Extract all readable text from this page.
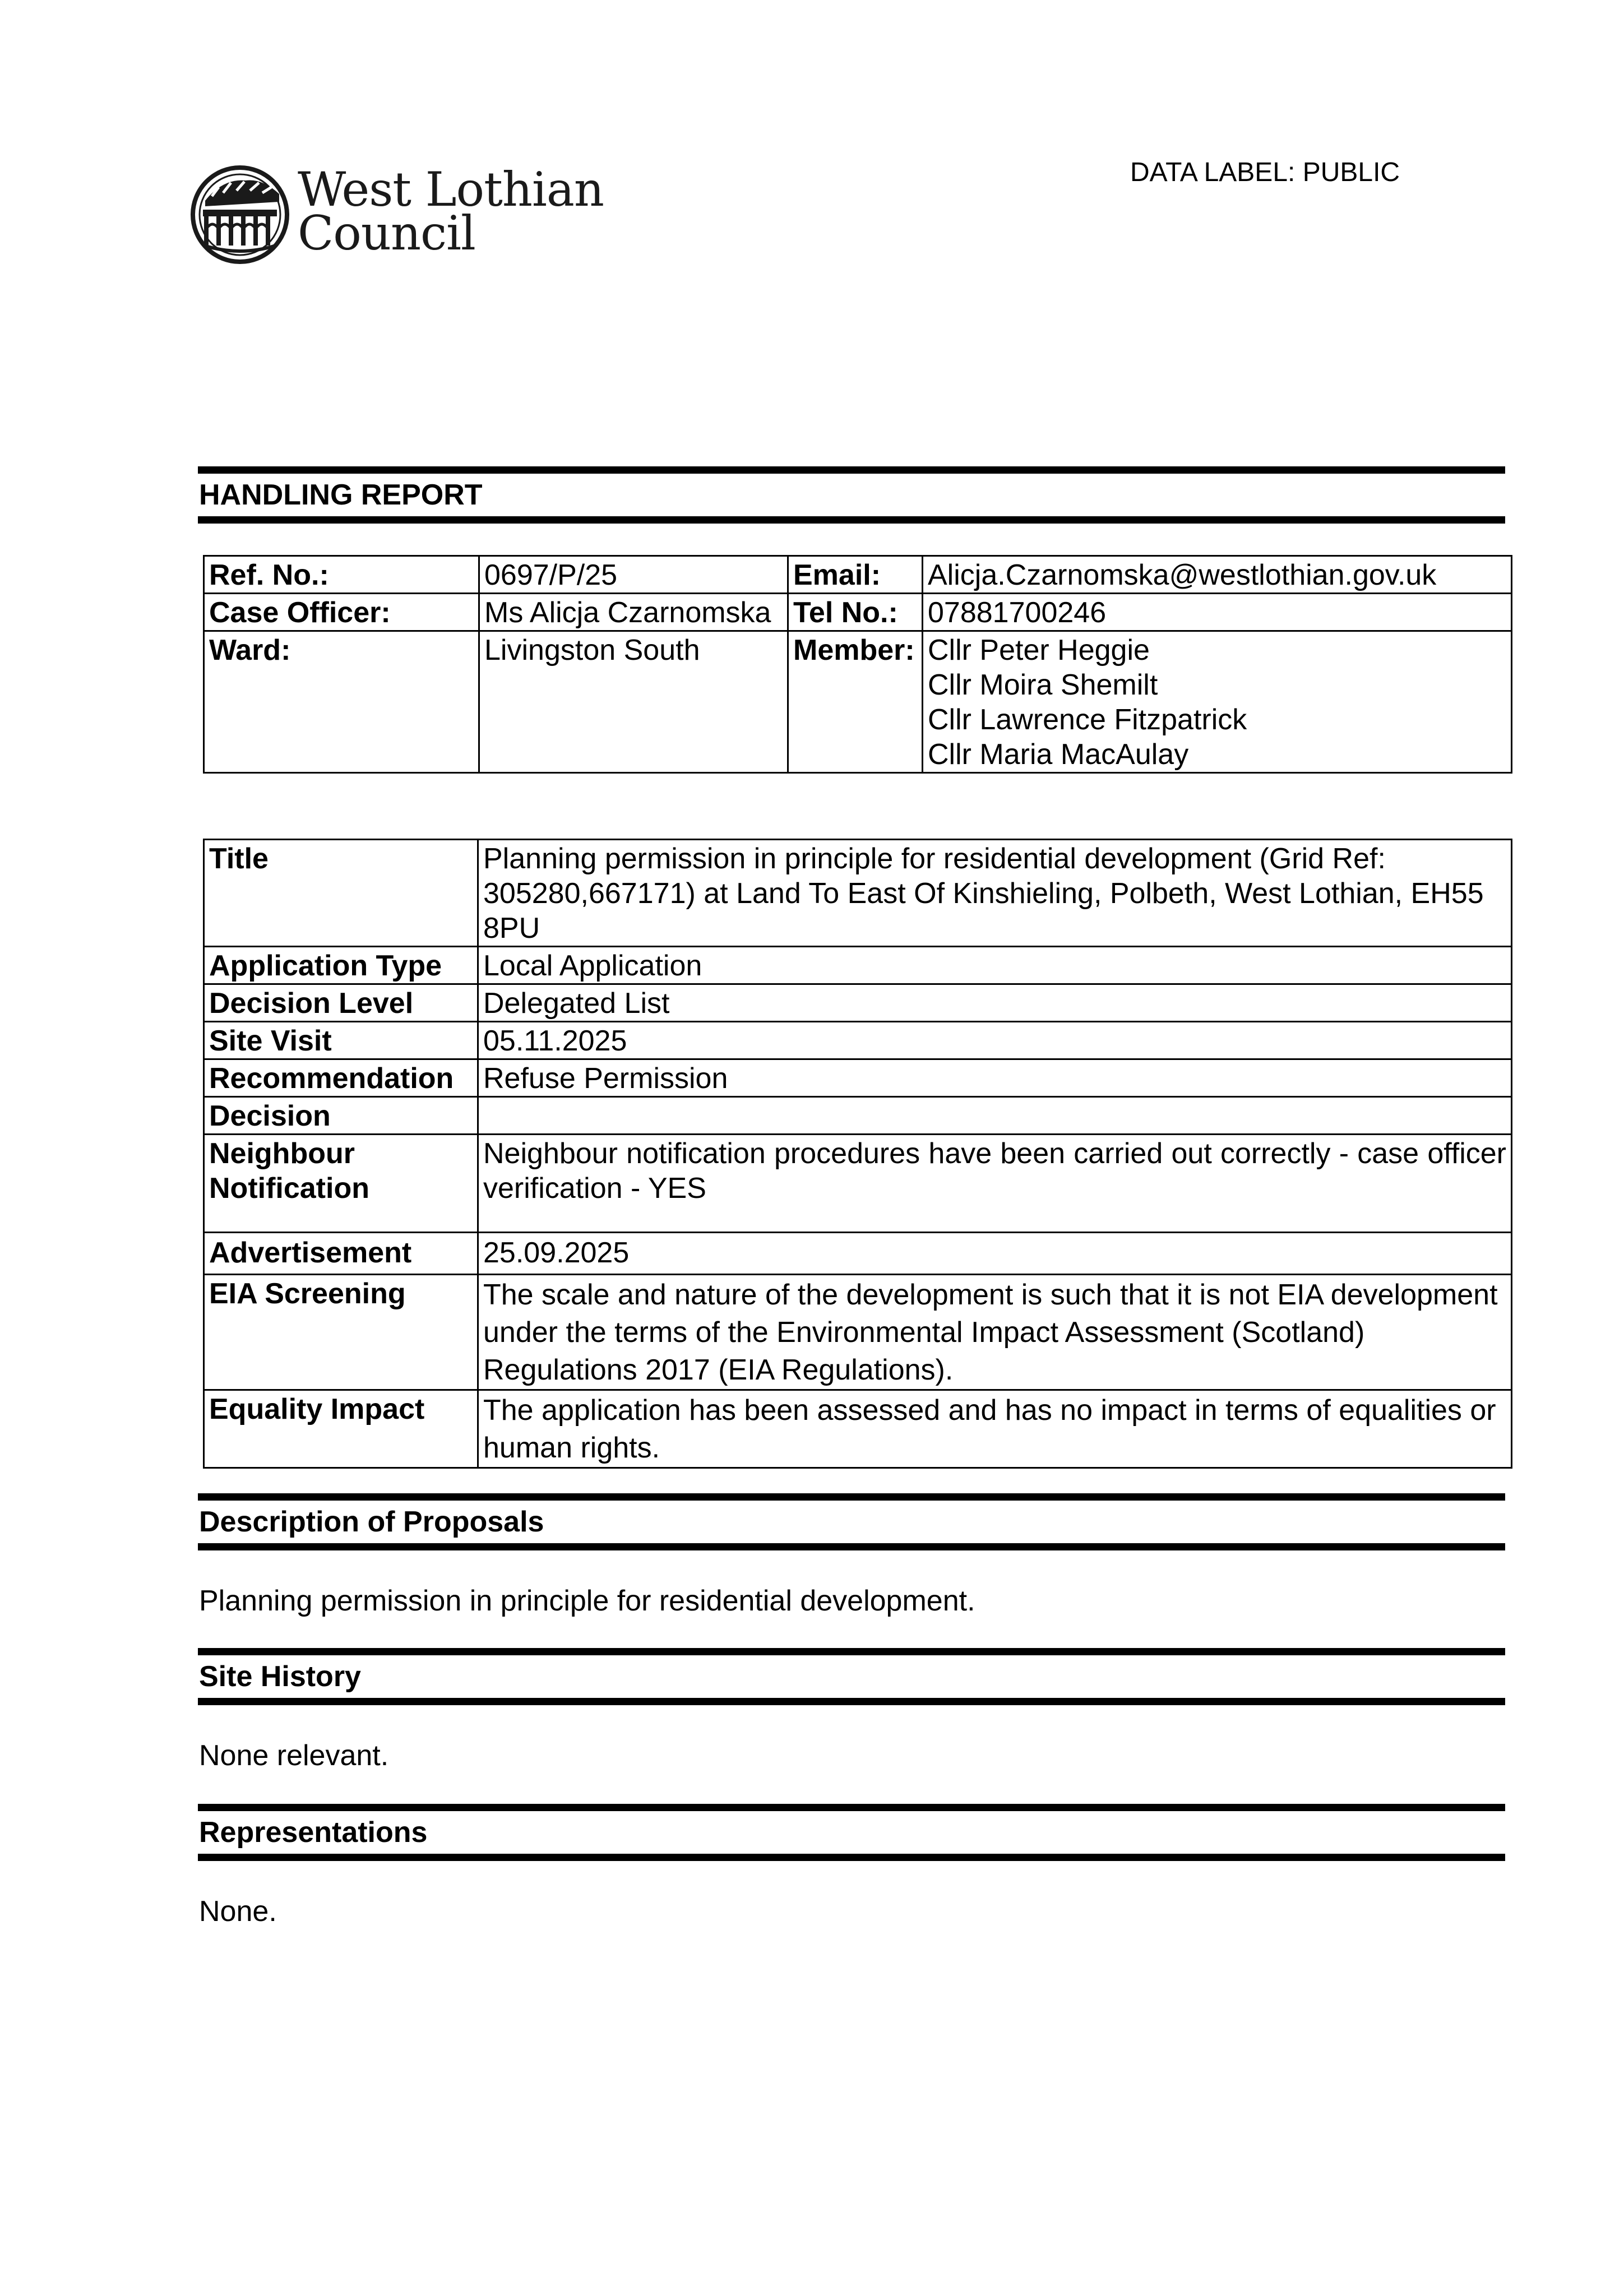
West Lothian
Council
DATA LABEL: PUBLIC
HANDLING REPORT
Ref. No.:	0697/P/25	Email:	Alicja.Czarnomska@westlothian.gov.uk
Case Officer:	Ms Alicja Czarnomska	Tel No.:	07881700246
Ward:	Livingston South	Member:	Cllr Peter Heggie
Cllr Moira Shemilt
Cllr Lawrence Fitzpatrick
Cllr Maria MacAulay
Title	Planning permission in principle for residential development (Grid Ref: 305280,667171) at Land To East Of Kinshieling, Polbeth, West Lothian, EH55 8PU
Application Type	Local Application
Decision Level	Delegated List
Site Visit	05.11.2025
Recommendation	Refuse Permission
Decision	

Neighbour
Notification	Neighbour notification procedures have been carried out correctly - case officer verification - YES
Advertisement	25.09.2025
EIA Screening	The scale and nature of the development is such that it is not EIA development under the terms of the Environmental Impact Assessment (Scotland) Regulations 2017 (EIA Regulations).
Equality Impact	The application has been assessed and has no impact in terms of equalities or human rights.
Description of Proposals
Planning permission in principle for residential development.
Site History
None relevant.
Representations
None.
